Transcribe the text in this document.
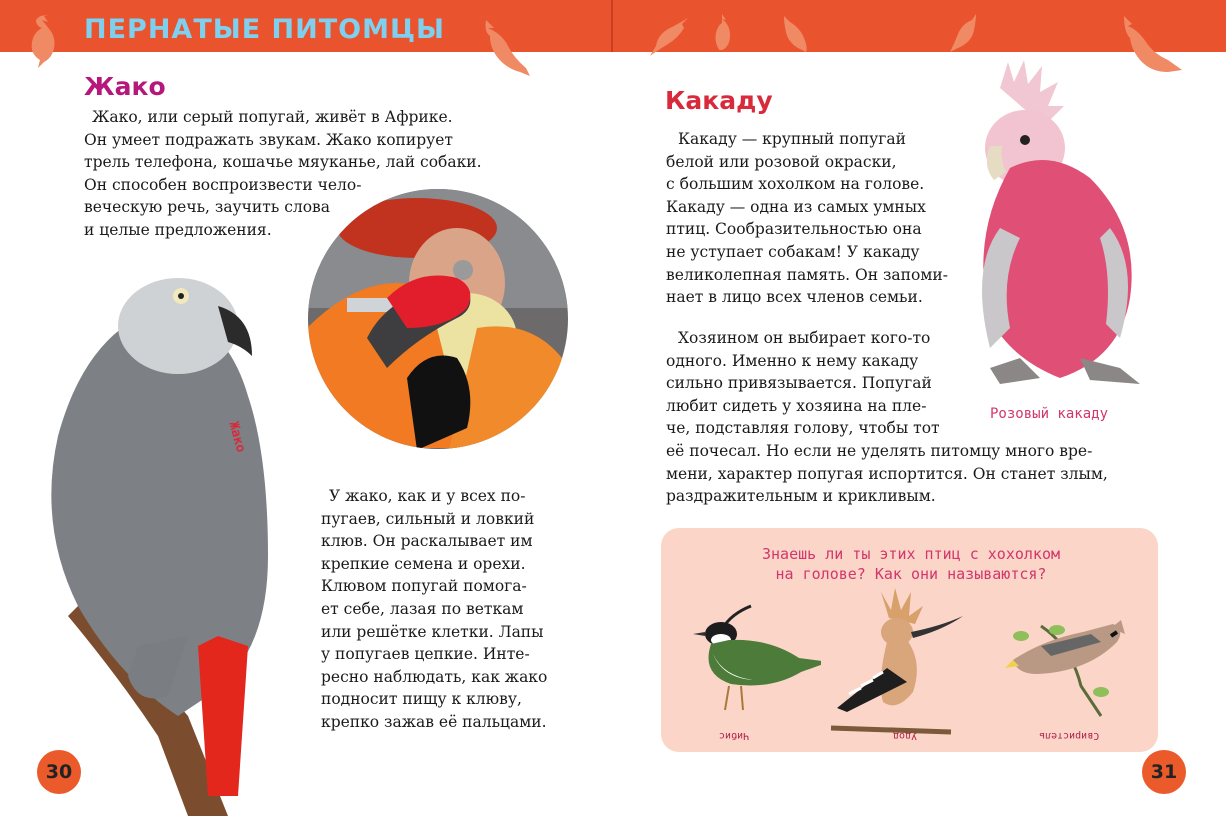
ПЕРНАТЫЕ ПИТОМЦЫ
Жако
Жако, или серый попугай, живёт в Африке.
Он умеет подражать звукам. Жако копирует
трель телефона, кошачье мяуканье, лай собаки.
Он способен воспроизвести чело-
веческую речь, заучить слова
и целые предложения.
Жако
У жако, как и у всех по-
пугаев, сильный и ловкий
клюв. Он раскалывает им
крепкие семена и орехи.
Клювом попугай помога-
ет себе, лазая по веткам
или решётке клетки. Лапы
у попугаев цепкие. Инте-
ресно наблюдать, как жако
подносит пищу к клюву,
крепко зажав её пальцами.
30
Какаду
Какаду — крупный попугай
белой или розовой окраски,
с большим хохолком на голове.
Какаду — одна из самых умных
птиц. Сообразительностью она
не уступает собакам! У какаду
великолепная память. Он запоми-
нает в лицо всех членов семьи.
Хозяином он выбирает кого-то
одного. Именно к нему какаду
сильно привязывается. Попугай
любит сидеть у хозяина на пле-
че, подставляя голову, чтобы тот
её почесал. Но если не уделять питомцу много вре-
мени, характер попугая испортится. Он станет злым,
раздражительным и крикливым.
Розовый какаду
Знаешь ли ты этих птиц с хохолком
на голове? Как они называются?
Чибис	Удод	Свиристель
31
